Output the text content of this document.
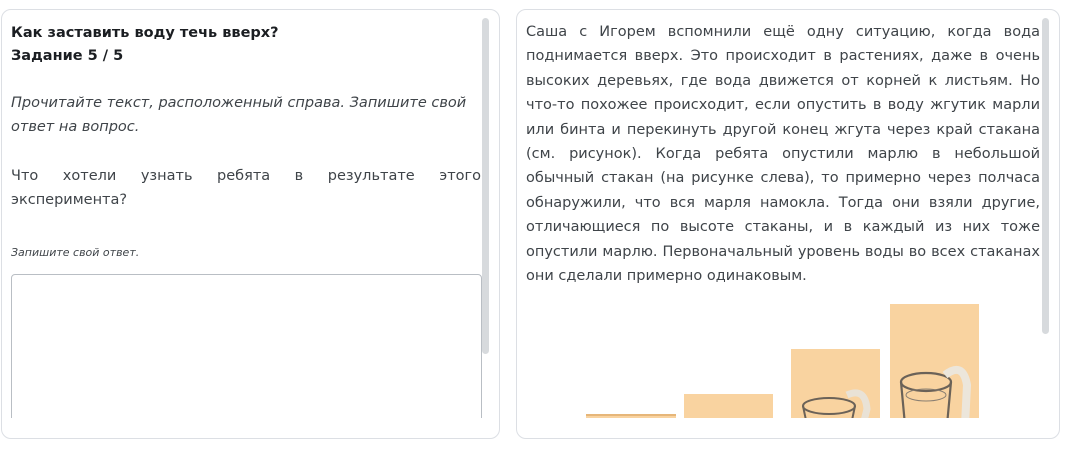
Как заставить воду течь вверх?
Задание 5 / 5
Прочитайте текст, расположенный справа. Запишите свой ответ на вопрос.
Что хотели узнать ребята в результате этого
эксперимента?
Запишите свой ответ.
Саша с Игорем вспомнили ещё одну ситуацию, когда вода поднимается вверх. Это происходит в растениях, даже в очень высоких деревьях, где вода движется от корней к листьям. Но что-то похожее происходит, если опустить в воду жгутик марли или бинта и перекинуть другой конец жгута через край стакана (см. рисунок). Когда ребята опустили марлю в небольшой обычный стакан (на рисунке слева), то примерно через полчаса обнаружили, что вся марля намокла. Тогда они взяли другие, отличающиеся по высоте стаканы, и в каждый из них тоже опустили марлю. Первоначальный уровень воды во всех стаканах они сделали примерно одинаковым.
